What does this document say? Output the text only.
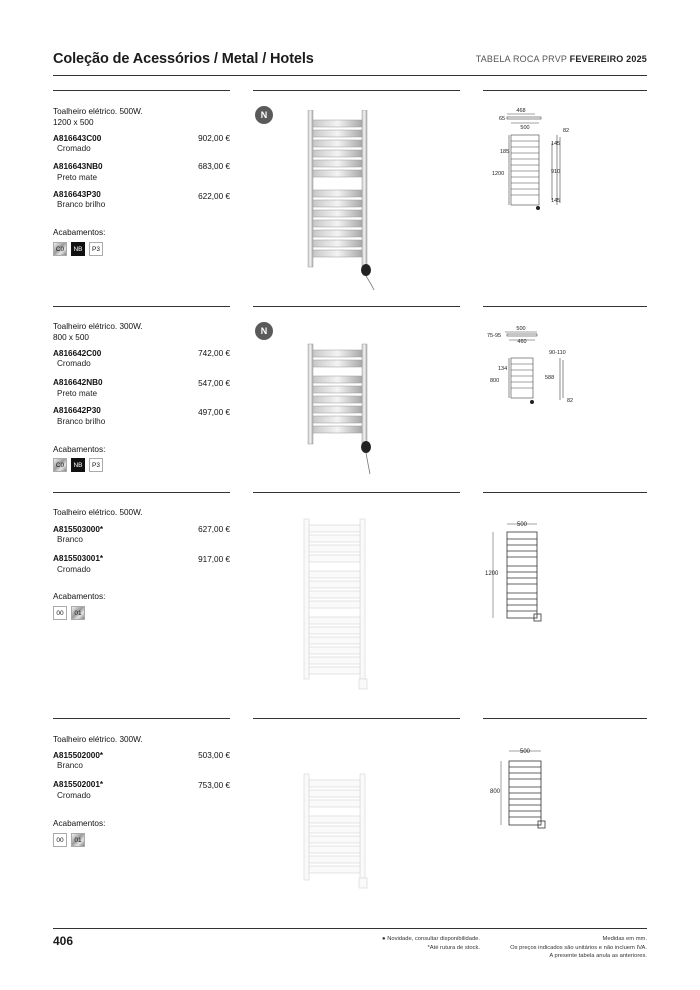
Coleção de Acessórios / Metal / Hotels	TABELA ROCA PRVP FEVEREIRO 2025
Toalheiro elétrico. 500W.
1200 x 500
A816643C00
Cromado
902,00 €
A816643NB0
Preto mate
683,00 €
A816643P30
Branco brilho
622,00 €
Acabamentos:
C0	NB	P3
N	468
65
500	82
145
185
1200	910
145
Toalheiro elétrico. 300W.
800 x 500
A816642C00
Cromado
742,00 €
A816642NB0
Preto mate
547,00 €
A816642P30
Branco brilho
497,00 €
Acabamentos:
C0	NB	P3
N	500
75-95
460
90-110
134
800	588
82
Toalheiro elétrico. 500W.
A815503000*
Branco
627,00 €
A815503001*
Cromado
917,00 €
Acabamentos:
00	01
500
1200
Toalheiro elétrico. 300W.
A815502000*
Branco
503,00 €
A815502001*
Cromado
753,00 €
Acabamentos:
00	01
500
800
406	● Novidade, consultar disponibilidade.
*Até rutura de stock.
Medidas em mm.
Os preços indicados são unitários e não incluem IVA.
A presente tabela anula as anteriores.
